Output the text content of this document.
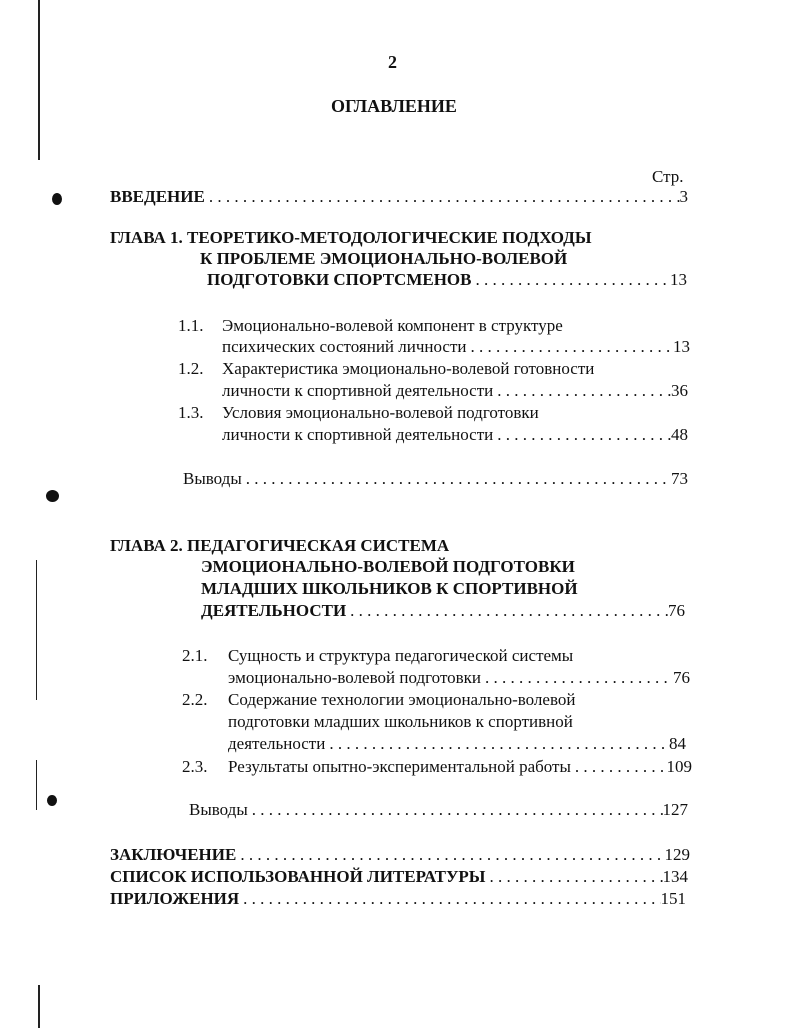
2
ОГЛАВЛЕНИЕ
Стр.
ВВЕДЕНИЕ . . .	3
ГЛАВА 1. ТЕОРЕТИКО-МЕТОДОЛОГИЧЕСКИЕ ПОДХОДЫ
К ПРОБЛЕМЕ ЭМОЦИОНАЛЬНО-ВОЛЕВОЙ
ПОДГОТОВКИ СПОРТСМЕНОВ . . .	13
1.1. Эмоционально-волевой компонент в структуре
психических состояний личности . . .	13
1.2. Характеристика эмоционально-волевой готовности
личности к спортивной деятельности . . .	36
1.3. Условия эмоционально-волевой подготовки
личности к спортивной деятельности . . .	48
Выводы . . .	73
ГЛАВА 2. ПЕДАГОГИЧЕСКАЯ СИСТЕМА
ЭМОЦИОНАЛЬНО-ВОЛЕВОЙ ПОДГОТОВКИ
МЛАДШИХ ШКОЛЬНИКОВ К СПОРТИВНОЙ
ДЕЯТЕЛЬНОСТИ . . .	76
2.1. Сущность и структура педагогической системы
эмоционально-волевой подготовки . . .	76
2.2. Содержание технологии эмоционально-волевой
подготовки младших школьников к спортивной
деятельности . . .	84
2.3. Результаты опытно-экспериментальной работы . . .	109
Выводы . . .	127
ЗАКЛЮЧЕНИЕ . . .	129
СПИСОК ИСПОЛЬЗОВАННОЙ ЛИТЕРАТУРЫ . . .	134
ПРИЛОЖЕНИЯ . . .	151
